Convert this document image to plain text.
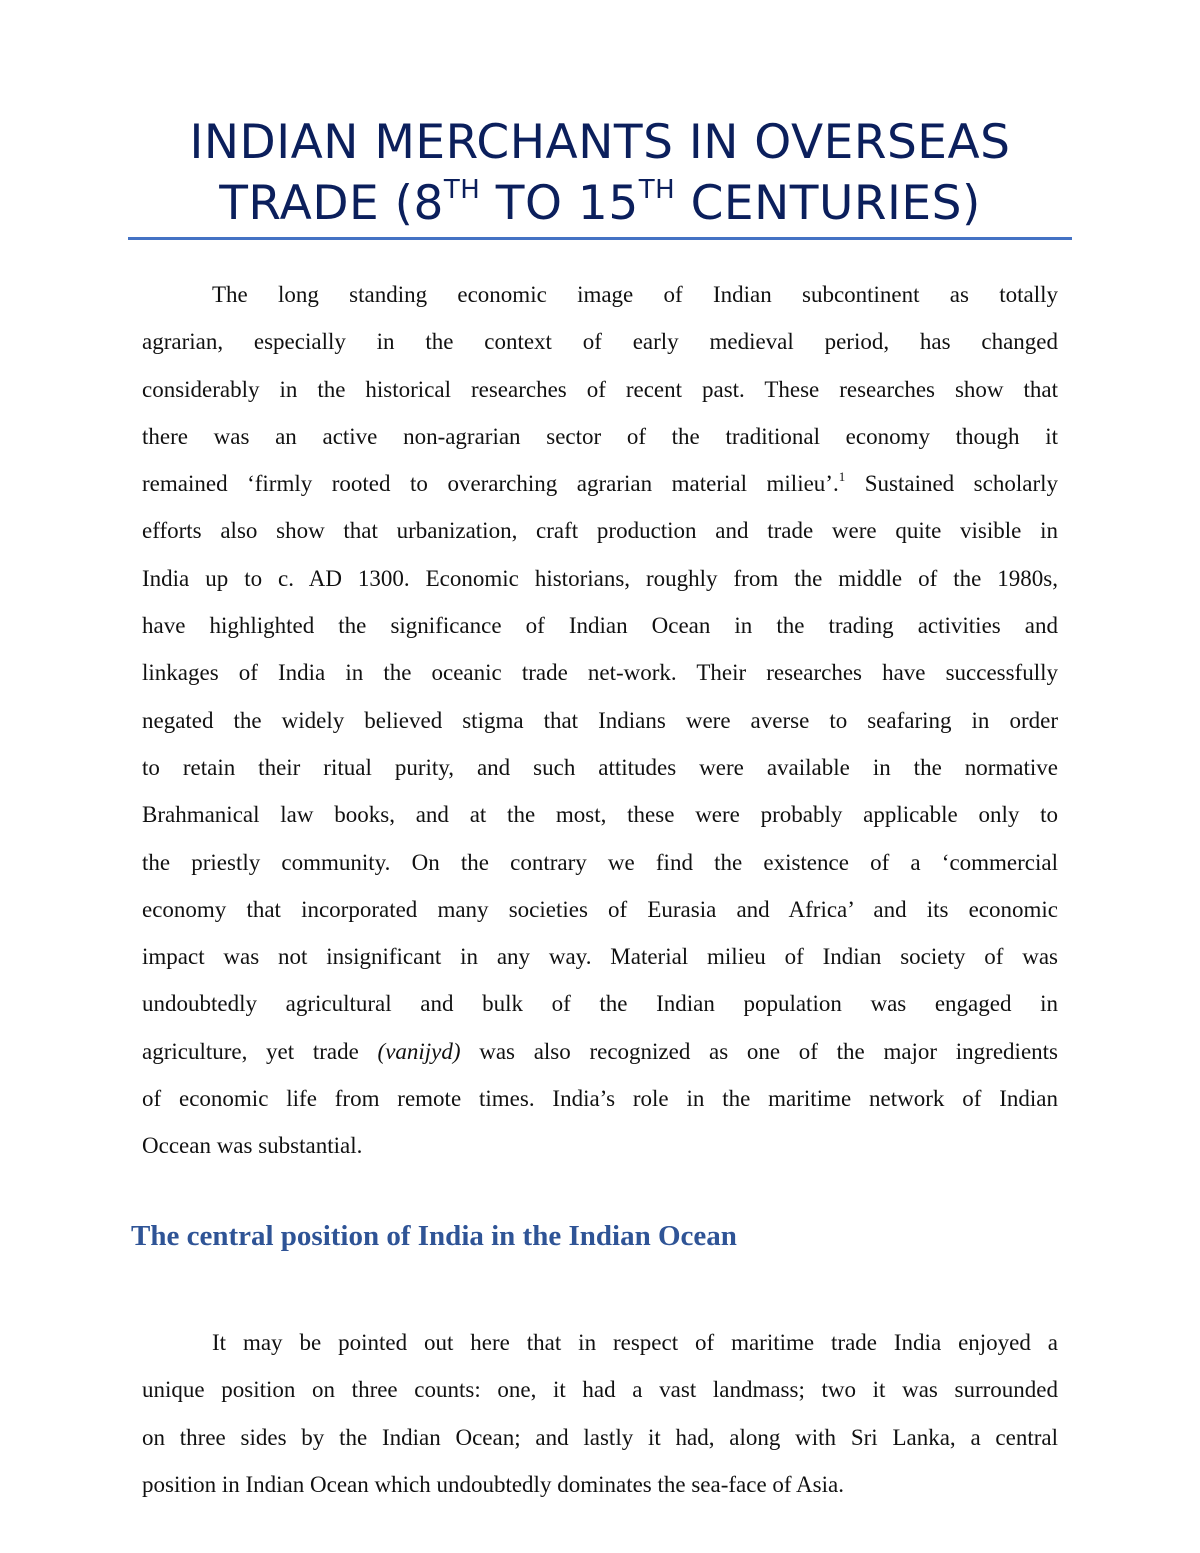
INDIAN MERCHANTS IN OVERSEAS
TRADE (8TH TO 15TH CENTURIES)
The long standing economic image of Indian subcontinent as totally
agrarian, especially in the context of early medieval period, has changed
considerably in the historical researches of recent past. These researches show that
there was an active non-agrarian sector of the traditional economy though it
remained ‘firmly rooted to overarching agrarian material milieu’.$^1$ Sustained scholarly
efforts also show that urbanization, craft production and trade were quite visible in
India up to c. AD 1300. Economic historians, roughly from the middle of the 1980s,
have highlighted the significance of Indian Ocean in the trading activities and
linkages of India in the oceanic trade net-work. Their researches have successfully
negated the widely believed stigma that Indians were averse to seafaring in order
to retain their ritual purity, and such attitudes were available in the normative
Brahmanical law books, and at the most, these were probably applicable only to
the priestly community. On the contrary we find the existence of a ‘commercial
economy that incorporated many societies of Eurasia and Africa’ and its economic
impact was not insignificant in any way. Material milieu of Indian society of was
undoubtedly agricultural and bulk of the Indian population was engaged in
agriculture, yet trade (vanijyd) was also recognized as one of the major ingredients
of economic life from remote times. India’s role in the maritime network of Indian
Occean was substantial.
The central position of India in the Indian Ocean
It may be pointed out here that in respect of maritime trade India enjoyed a
unique position on three counts: one, it had a vast landmass; two it was surrounded
on three sides by the Indian Ocean; and lastly it had, along with Sri Lanka, a central
position in Indian Ocean which undoubtedly dominates the sea-face of Asia.
